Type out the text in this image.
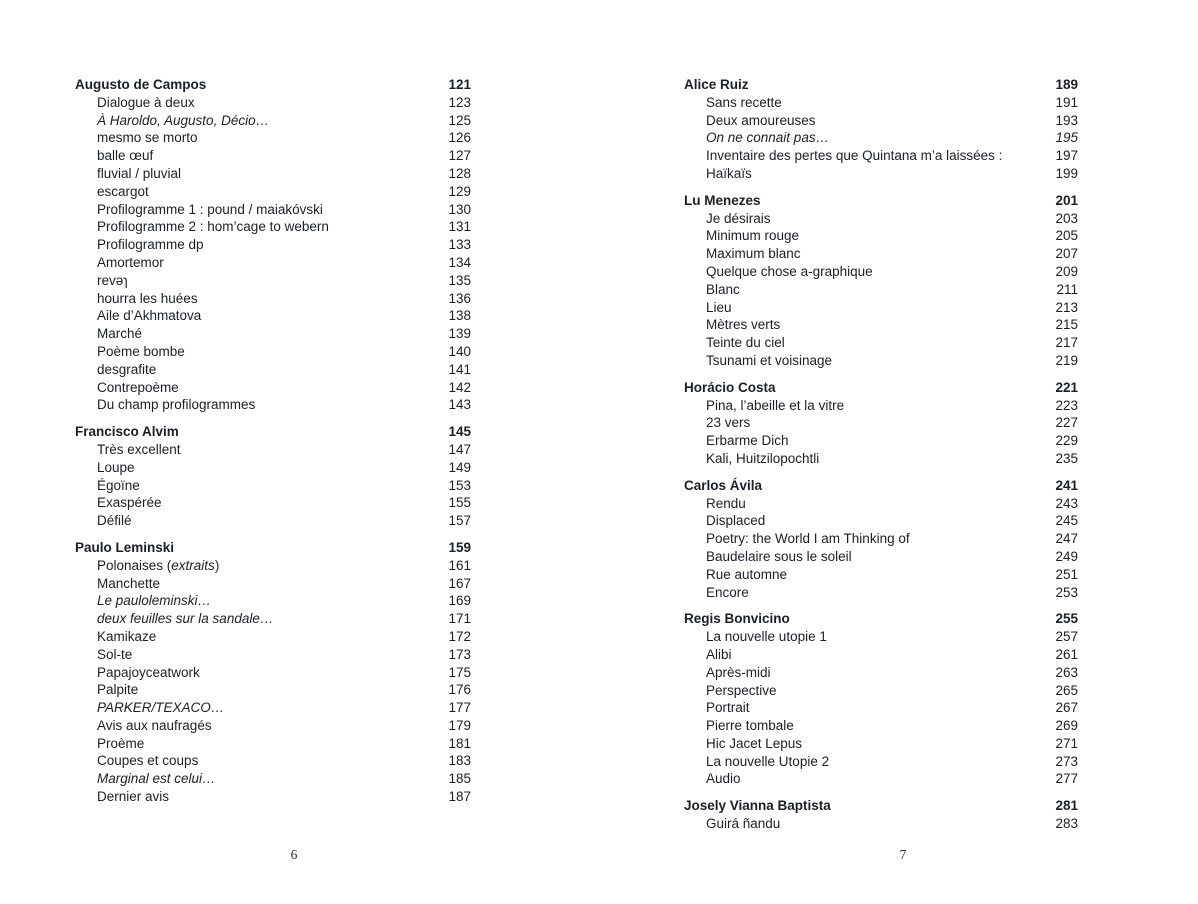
Augusto de Campos	121
Dialogue à deux	123
À Haroldo, Augusto, Décio…	125
mesmo se morto	126
balle œuf	127
fluvial / pluvial	128
escargot	129
Profilogramme 1 : pound / maiakóvski	130
Profilogramme 2 : hom’cage to webern	131
Profilogramme dp	133
Amortemor	134
revəɿ	135
hourra les huées	136
Aile d’Akhmatova	138
Marché	139
Poème bombe	140
desgrafite	141
Contrepoème	142
Du champ profilogrammes	143
Francisco Alvim	145
Très excellent	147
Loupe	149
Égoïne	153
Exaspérée	155
Défilé	157
Paulo Leminski	159
Polonaises (extraits)	161
Manchette	167
Le pauloleminski…	169
deux feuilles sur la sandale…	171
Kamikaze	172
Sol-te	173
Papajoyceatwork	175
Palpite	176
PARKER/TEXACO…	177
Avis aux naufragés	179
Proème	181
Coupes et coups	183
Marginal est celui…	185
Dernier avis	187
Alice Ruiz	189
Sans recette	191
Deux amoureuses	193
On ne connait pas…	195
Inventaire des pertes que Quintana m’a laissées :	197
Haïkaïs	199
Lu Menezes	201
Je désirais	203
Minimum rouge	205
Maximum blanc	207
Quelque chose a-graphique	209
Blanc	211
Lieu	213
Mètres verts	215
Teinte du ciel	217
Tsunami et voisinage	219
Horácio Costa	221
Pina, l’abeille et la vitre	223
23 vers	227
Erbarme Dich	229
Kali, Huitzilopochtli	235
Carlos Ávila	241
Rendu	243
Displaced	245
Poetry: the World I am Thinking of	247
Baudelaire sous le soleil	249
Rue automne	251
Encore	253
Regis Bonvicino	255
La nouvelle utopie 1	257
Alibi	261
Après-midi	263
Perspective	265
Portrait	267
Pierre tombale	269
Hic Jacet Lepus	271
La nouvelle Utopie 2	273
Audio	277
Josely Vianna Baptista	281
Guirá ñandu	283
6	7
